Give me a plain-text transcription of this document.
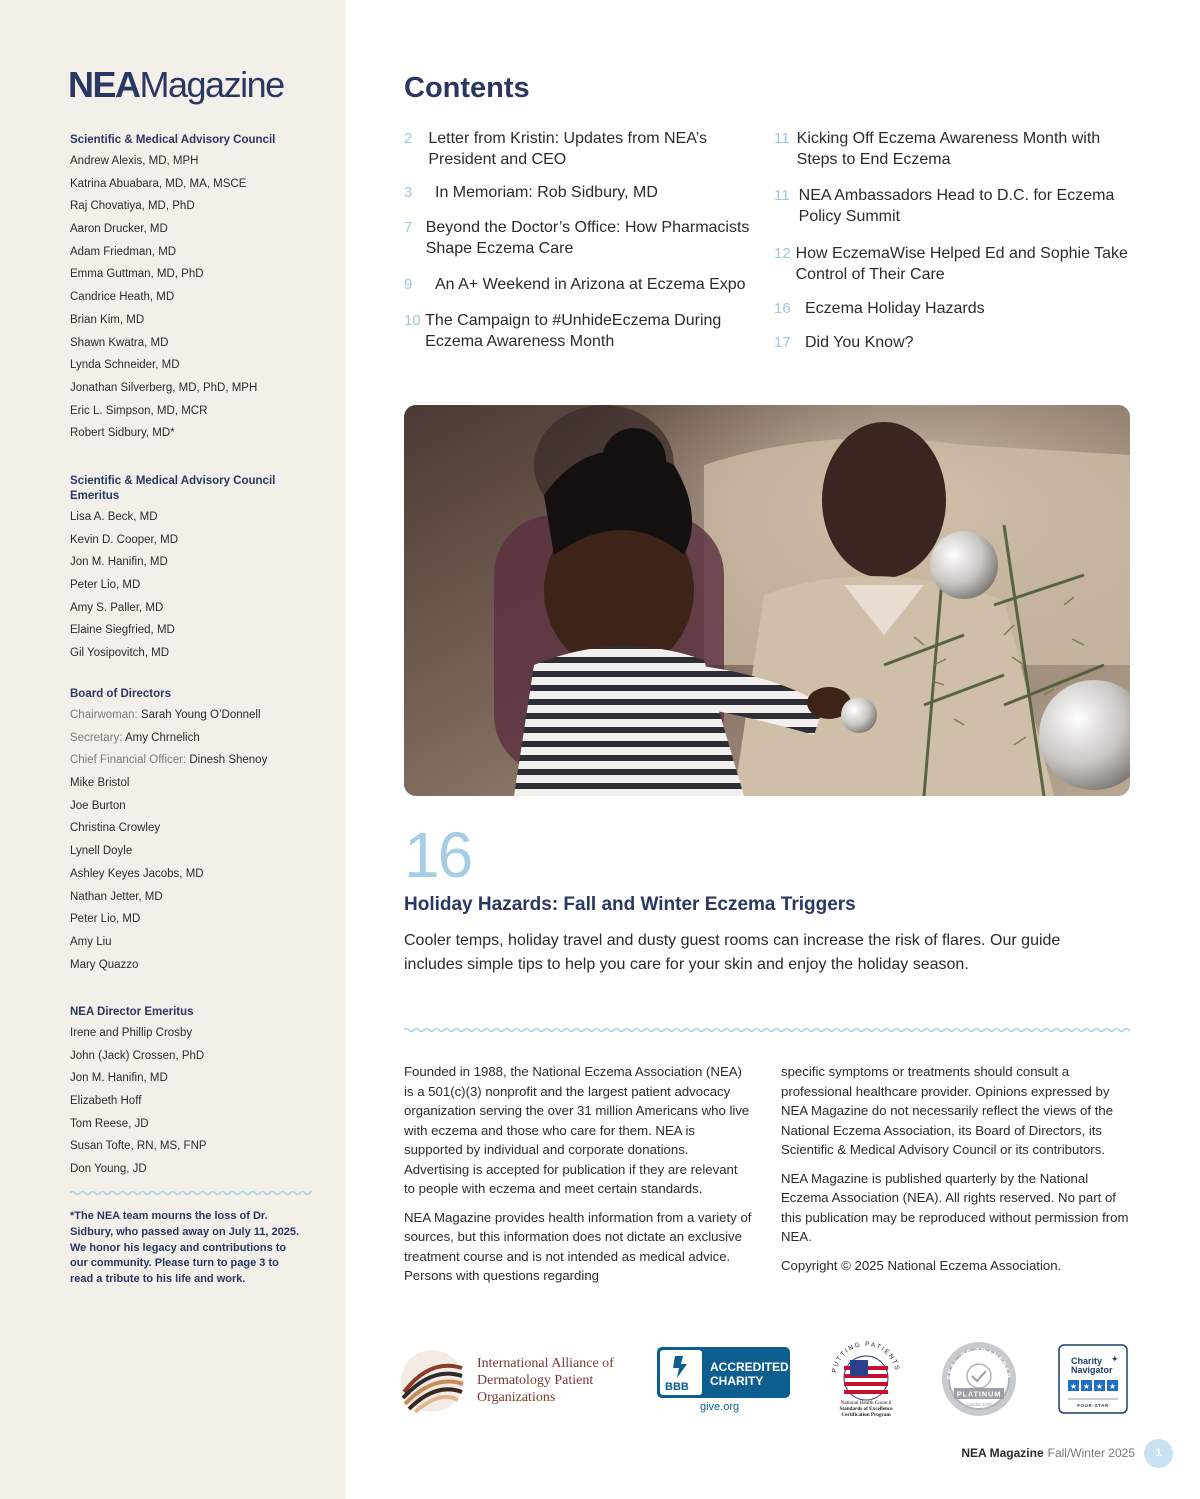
NEAMagazine
Scientific & Medical Advisory Council
Andrew Alexis, MD, MPH
Katrina Abuabara, MD, MA, MSCE
Raj Chovatiya, MD, PhD
Aaron Drucker, MD
Adam Friedman, MD
Emma Guttman, MD, PhD
Candrice Heath, MD
Brian Kim, MD
Shawn Kwatra, MD
Lynda Schneider, MD
Jonathan Silverberg, MD, PhD, MPH
Eric L. Simpson, MD, MCR
Robert Sidbury, MD*
Scientific & Medical Advisory Council Emeritus
Lisa A. Beck, MD
Kevin D. Cooper, MD
Jon M. Hanifin, MD
Peter Lio, MD
Amy S. Paller, MD
Elaine Siegfried, MD
Gil Yosipovitch, MD
Board of Directors
Chairwoman: Sarah Young O’Donnell
Secretary: Amy Chrnelich
Chief Financial Officer: Dinesh Shenoy
Mike Bristol
Joe Burton
Christina Crowley
Lynell Doyle
Ashley Keyes Jacobs, MD
Nathan Jetter, MD
Peter Lio, MD
Amy Liu
Mary Quazzo
NEA Director Emeritus
Irene and Phillip Crosby
John (Jack) Crossen, PhD
Jon M. Hanifin, MD
Elizabeth Hoff
Tom Reese, JD
Susan Tofte, RN, MS, FNP
Don Young, JD
*The NEA team mourns the loss of Dr. Sidbury, who passed away on July 11, 2025. We honor his legacy and contributions to our community. Please turn to page 3 to read a tribute to his life and work.
Contents
2	Letter from Kristin: Updates from NEA’s President and CEO
3	In Memoriam: Rob Sidbury, MD
7 Beyond the Doctor’s Office: How Pharmacists Shape Eczema Care
9	An A+ Weekend in Arizona at Eczema Expo
10 The Campaign to #UnhideEczema During Eczema Awareness Month
11 Kicking Off Eczema Awareness Month with Steps to End Eczema
11 NEA Ambassadors Head to D.C. for Eczema Policy Summit
12 How EczemaWise Helped Ed and Sophie Take Control of Their Care
16 Eczema Holiday Hazards
17 Did You Know?
16
Holiday Hazards: Fall and Winter Eczema Triggers

Cooler temps, holiday travel and dusty guest rooms can increase the risk of flares. Our guide includes simple tips to help you care for your skin and enjoy the holiday season.

Founded in 1988, the National Eczema Association (NEA) is a 501(c)(3) nonprofit and the largest patient advocacy organization serving the over 31 million Americans who live with eczema and those who care for them. NEA is supported by individual and corporate donations. Advertising is accepted for publication if they are relevant to people with eczema and meet certain standards.

NEA Magazine provides health information from a variety of sources, but this information does not dictate an exclusive treatment course and is not intended as medical advice. Persons with questions regarding

specific symptoms or treatments should consult a professional healthcare provider. Opinions expressed by NEA Magazine do not necessarily reflect the views of the National Eczema Association, its Board of Directors, its Scientific & Medical Advisory Council or its contributors.

NEA Magazine is published quarterly by the National Eczema Association (NEA). All rights reserved. No part of this publication may be reproduced without permission from NEA.

Copyright © 2025 National Eczema Association.

International Alliance of
Dermatology Patient
Organizations
BBB
ACCREDITED
CHARITY
give.org
PUTTING PATIENTS
National Health Council
Standards of Excellence
Certification Program
SEAL OF TRANSPAR
PLATINUM
Candid 2025
Charity
Navigator
✦
★ ★ ★ ★
FOUR-STAR
NEA Magazine Fall/Winter 2025	1
